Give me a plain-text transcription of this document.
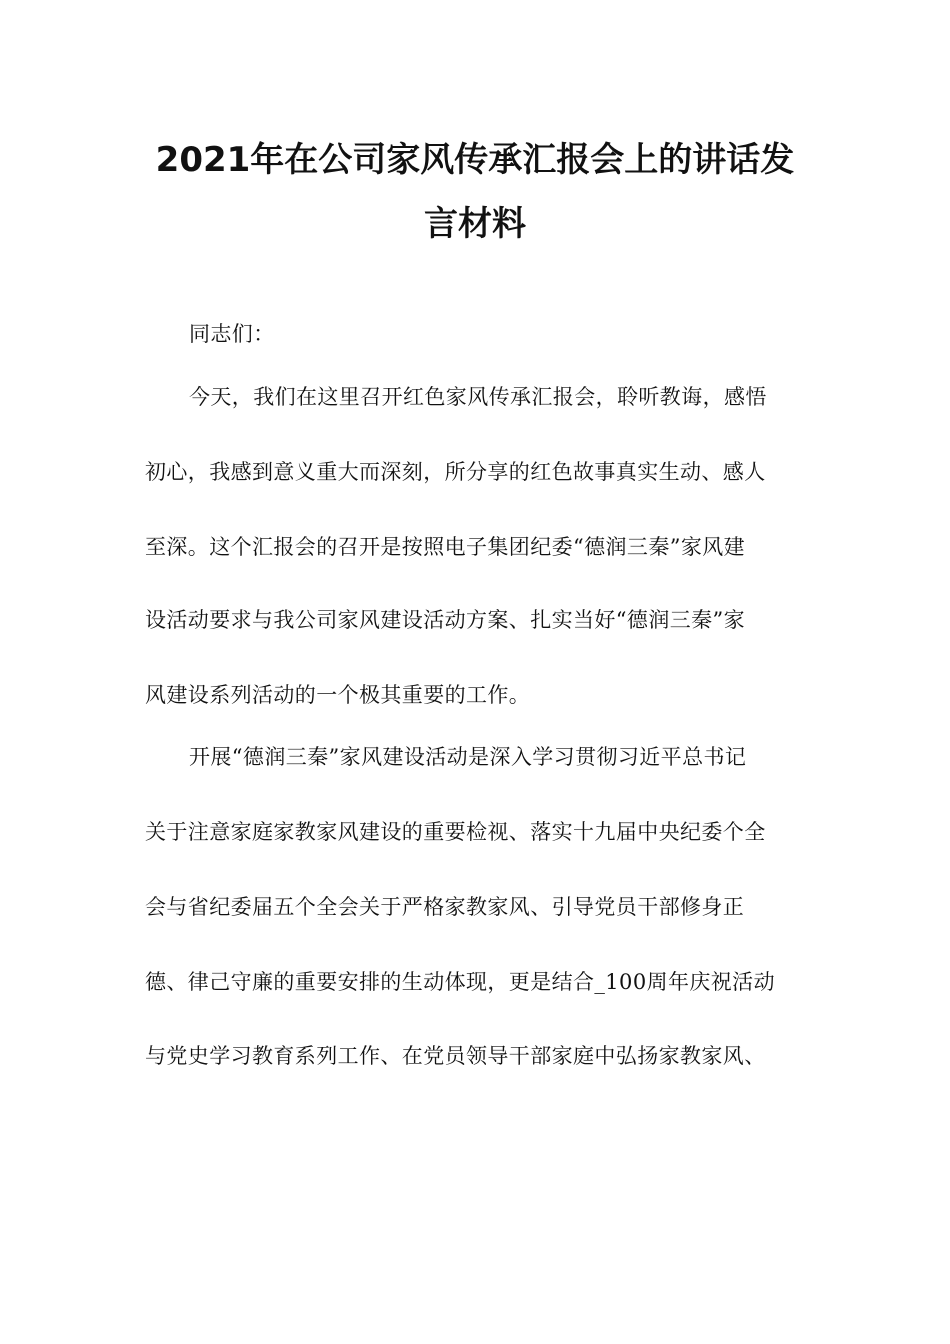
2021年在公司家风传承汇报会上的讲话发
言材料
同志们：
今天，我们在这里召开红色家风传承汇报会，聆听教诲，感悟
初心，我感到意义重大而深刻，所分享的红色故事真实生动、感人
至深。这个汇报会的召开是按照电子集团纪委“德润三秦”家风建
设活动要求与我公司家风建设活动方案、扎实当好“德润三秦”家
风建设系列活动的一个极其重要的工作。
开展“德润三秦”家风建设活动是深入学习贯彻习近平总书记
关于注意家庭家教家风建设的重要检视、落实十九届中央纪委个全
会与省纪委届五个全会关于严格家教家风、引导党员干部修身正
德、律己守廉的重要安排的生动体现，更是结合_100周年庆祝活动
与党史学习教育系列工作、在党员领导干部家庭中弘扬家教家风、
